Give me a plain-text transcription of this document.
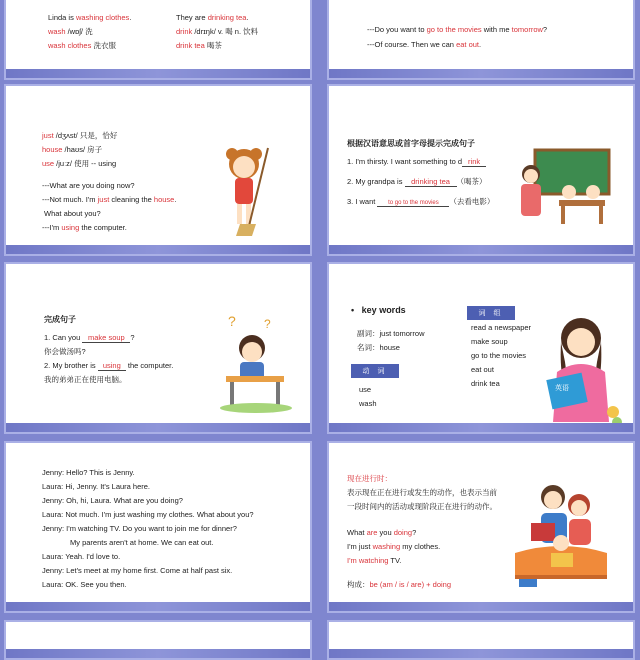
Linda is washing clothes.
wash /wɒʃ/ 洗
wash clothes 洗衣服
They are drinking tea.
drink /drɪŋk/ v. 喝 n. 饮料
drink tea 喝茶
---Do you want to go to the movies with me tomorrow?
---Of course. Then we can eat out.
just /dʒʌst/ 只是，恰好
house /haʊs/ 房子
use /juːz/ 使用 -- using
---What are you doing now?
---Not much. I'm just cleaning the house.
What about you?
---I'm using the computer.
根据汉语意思或首字母提示完成句子
1. I'm thirsty. I want something to d rink
2. My grandpa is drinking tea （喝茶）
3. I want to go to the movies （去看电影）
完成句子
1. Can you make soup ?
你会做汤吗?
2. My brother is using the computer.
我的弟弟正在使用电脑。
? ?
• key words
副词：just tomorrow
名词：house
动 词
use
wash
词 组
read a newspaper
make soup
go to the movies
eat out
drink tea
英语
Jenny: Hello? This is Jenny.
Laura: Hi, Jenny. It's Laura here.
Jenny: Oh, hi, Laura. What are you doing?
Laura: Not much. I'm just washing my clothes. What about you?
Jenny: I'm watching TV. Do you want to join me for dinner?
My parents aren't at home. We can eat out.
Laura: Yeah. I'd love to.
Jenny: Let's meet at my home first. Come at half past six.
Laura: OK. See you then.
现在进行时：
表示现在正在进行或发生的动作，也表示当前
一段时间内的活动或现阶段正在进行的动作。
What are you doing?
I'm just washing my clothes.
I'm watching TV.
构成：be (am / is / are) + doing
